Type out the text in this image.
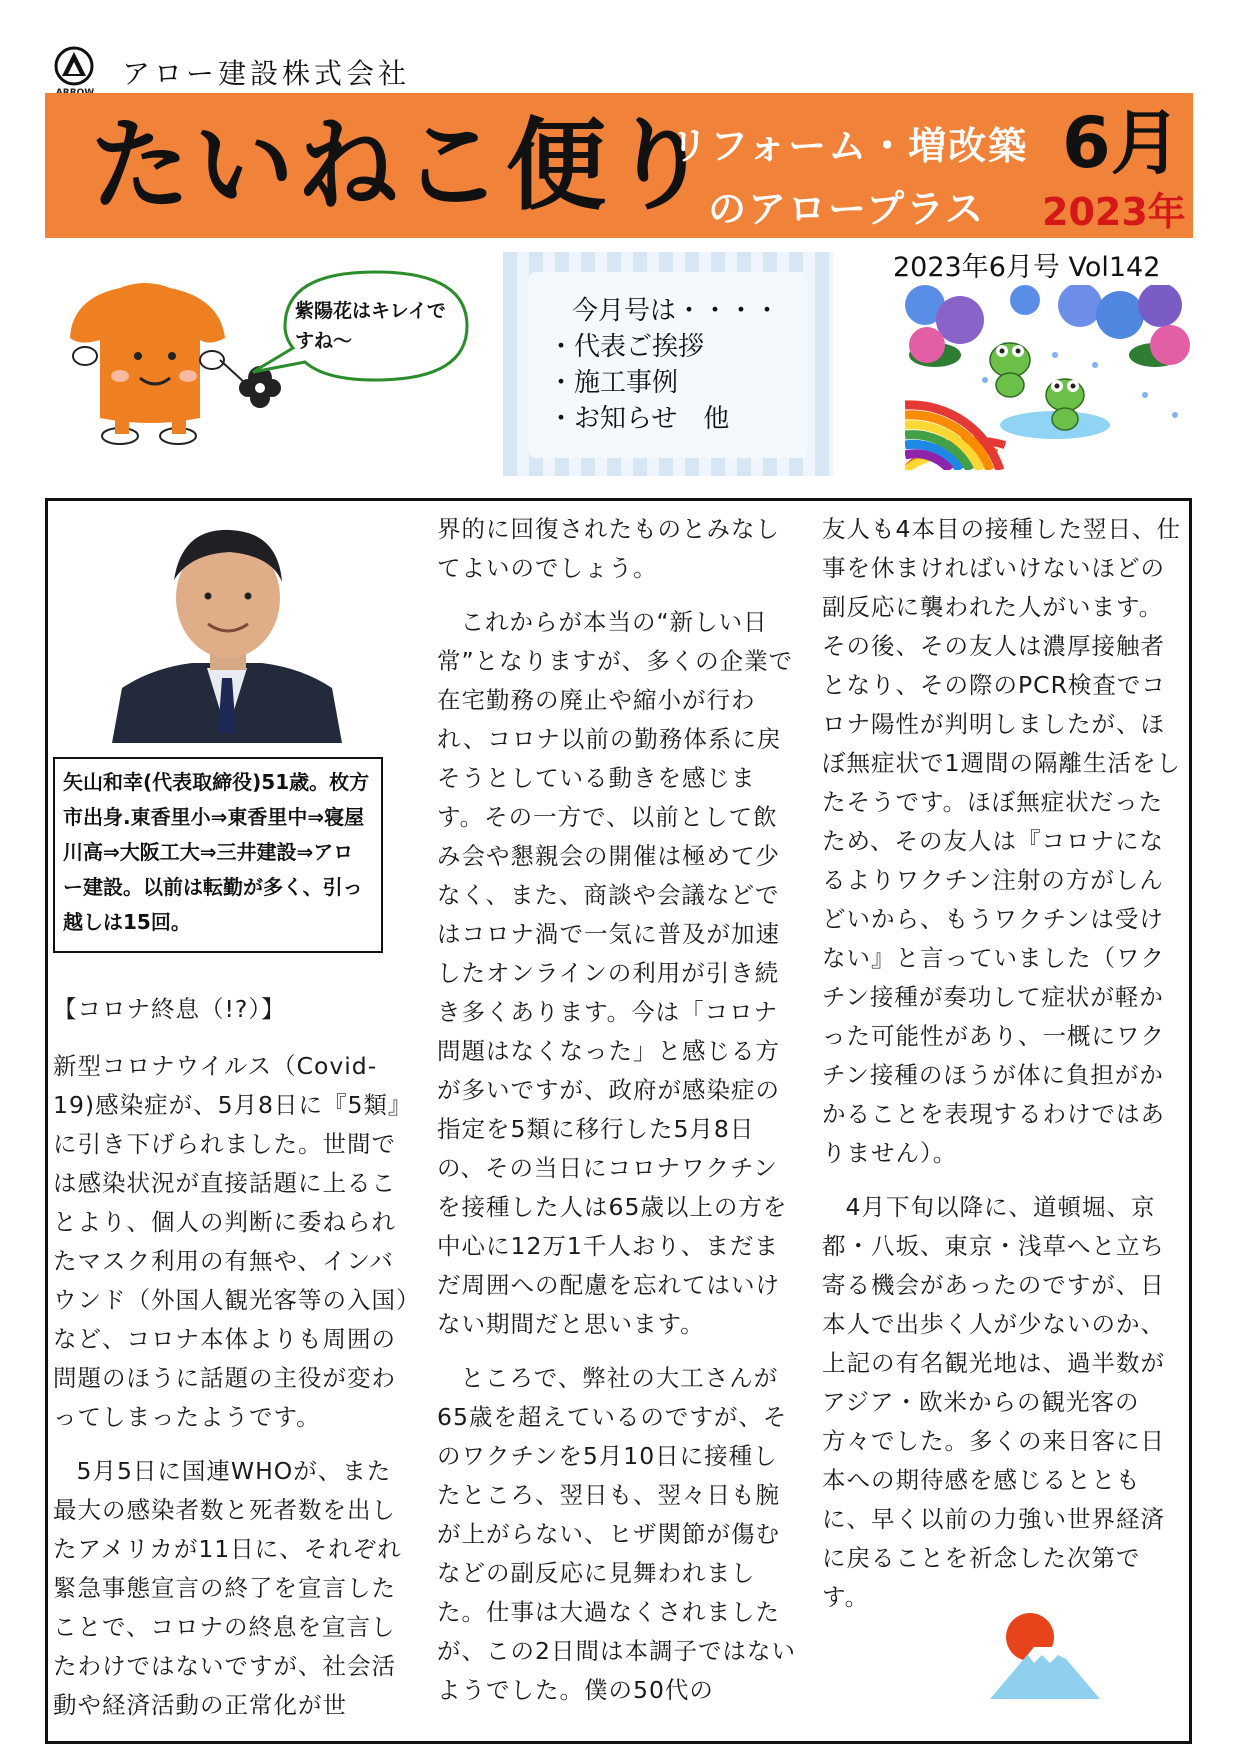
アロー建設株式会社
たいねこ便り
リフォーム・増改築
のアロープラス
6月
2023年
2023年6月号 Vol142
紫陽花はキレイですね～
今月号は・・・・
・代表ご挨拶
・施工事例
・お知らせ　他
矢山和幸(代表取締役)51歳。枚方市出身.東香里小⇒東香里中⇒寝屋川高⇒大阪工大⇒三井建設⇒アロー建設。以前は転勤が多く、引っ越しは15回。

【コロナ終息（!?）】

新型コロナウイルス（Covid-19)感染症が、5月8日に『5類』に引き下げられました。世間では感染状況が直接話題に上ることより、個人の判断に委ねられたマスク利用の有無や、インバウンド（外国人観光客等の入国）など、コロナ本体よりも周囲の問題のほうに話題の主役が変わってしまったようです。

5月5日に国連WHOが、また最大の感染者数と死者数を出したアメリカが11日に、それぞれ緊急事態宣言の終了を宣言したことで、コロナの終息を宣言したわけではないですが、社会活動や経済活動の正常化が世

界的に回復されたものとみなしてよいのでしょう。

これからが本当の“新しい日常”となりますが、多くの企業で在宅勤務の廃止や縮小が行われ、コロナ以前の勤務体系に戻そうとしている動きを感じます。その一方で、以前として飲み会や懇親会の開催は極めて少なく、また、商談や会議などではコロナ渦で一気に普及が加速したオンラインの利用が引き続き多くあります。今は「コロナ問題はなくなった」と感じる方が多いですが、政府が感染症の指定を5類に移行した5月8日の、その当日にコロナワクチンを接種した人は65歳以上の方を中心に12万1千人おり、まだまだ周囲への配慮を忘れてはいけない期間だと思います。

ところで、弊社の大工さんが65歳を超えているのですが、そのワクチンを5月10日に接種したところ、翌日も、翌々日も腕が上がらない、ヒザ関節が傷むなどの副反応に見舞われました。仕事は大過なくされましたが、この2日間は本調子ではないようでした。僕の50代の

友人も4本目の接種した翌日、仕事を休まければいけないほどの副反応に襲われた人がいます。その後、その友人は濃厚接触者となり、その際のPCR検査でコロナ陽性が判明しましたが、ほぼ無症状で1週間の隔離生活をしたそうです。ほぼ無症状だったため、その友人は『コロナになるよりワクチン注射の方がしんどいから、もうワクチンは受けない』と言っていました（ワクチン接種が奏功して症状が軽かった可能性があり、一概にワクチン接種のほうが体に負担がかかることを表現するわけではありません）。

4月下旬以降に、道頓堀、京都・八坂、東京・浅草へと立ち寄る機会があったのですが、日本人で出歩く人が少ないのか、上記の有名観光地は、過半数がアジア・欧米からの観光客の方々でした。多くの来日客に日本への期待感を感じるとともに、早く以前の力強い世界経済に戻ることを祈念した次第です。
